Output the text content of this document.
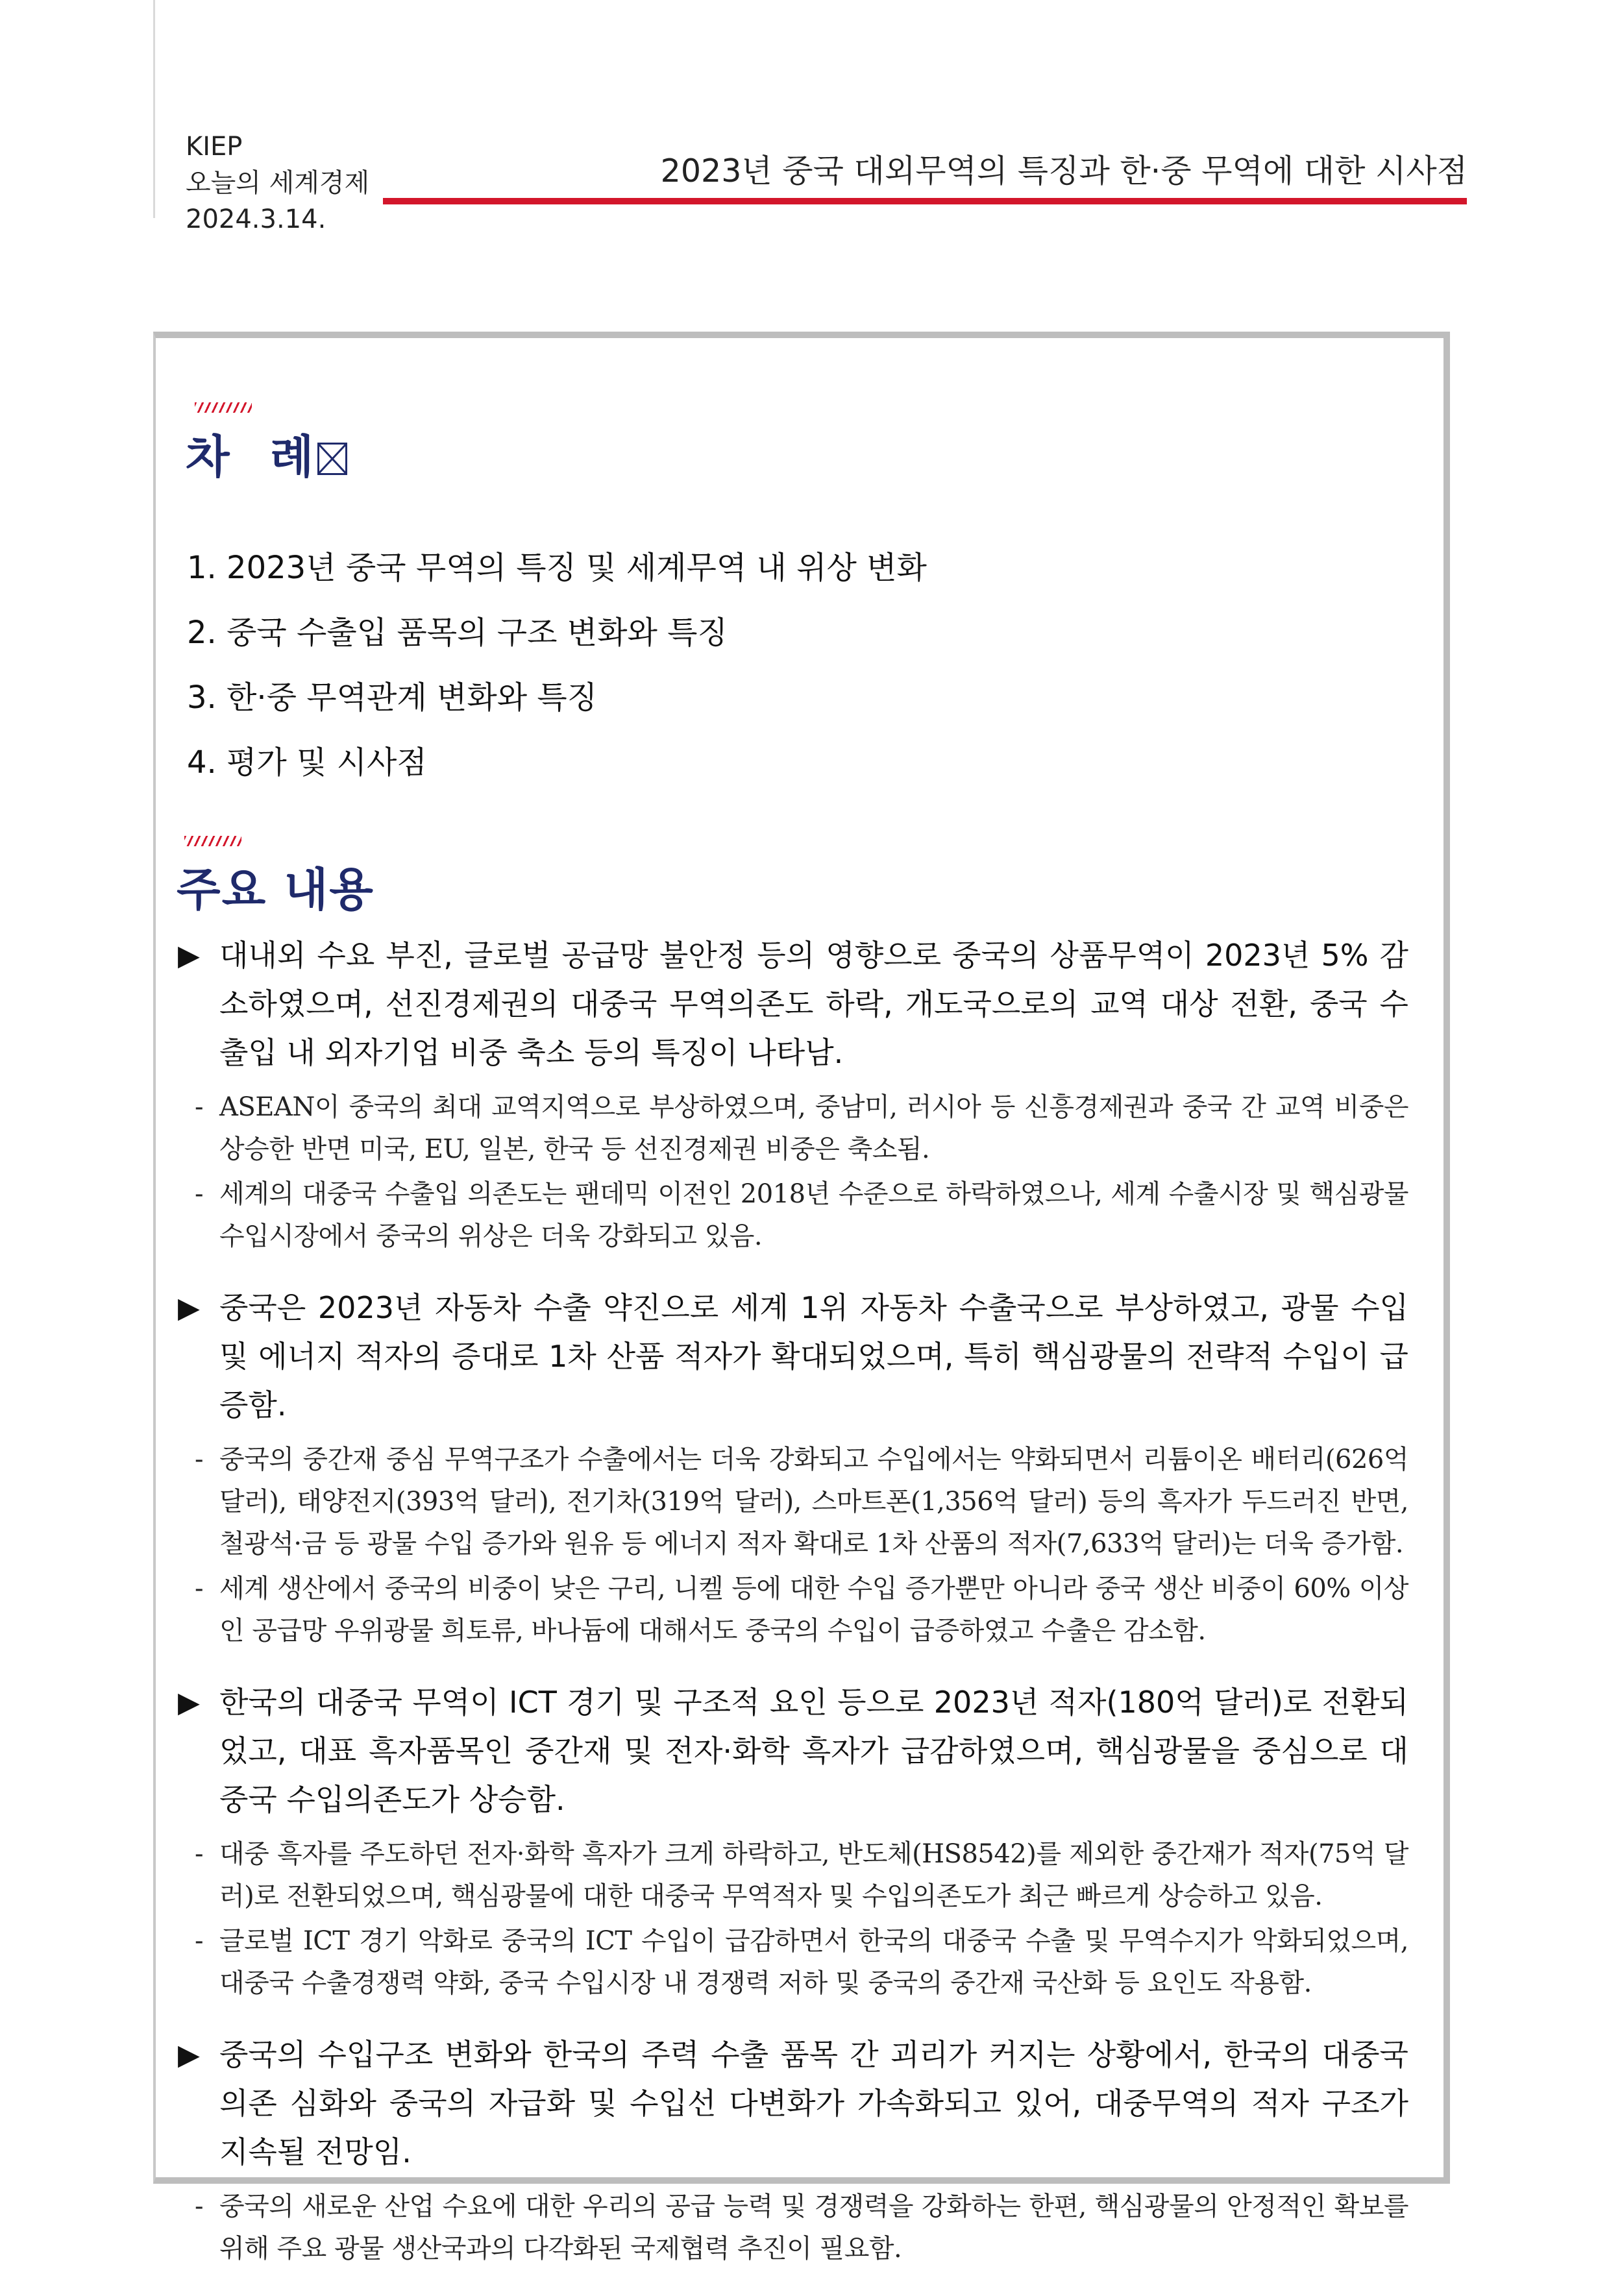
KIEP
오늘의 세계경제
2024.3.14.
2023년 중국 대외무역의 특징과 한·중 무역에 대한 시사점
차 례
1. 2023년 중국 무역의 특징 및 세계무역 내 위상 변화
2. 중국 수출입 품목의 구조 변화와 특징
3. 한·중 무역관계 변화와 특징
4. 평가 및 시사점
주요 내용
▶ 대내외 수요 부진, 글로벌 공급망 불안정 등의 영향으로 중국의 상품무역이 2023년 5% 감소하였으며, 선진경제권의 대중국 무역의존도 하락, 개도국으로의 교역 대상 전환, 중국 수출입 내 외자기업 비중 축소 등의 특징이 나타남.
- ASEAN이 중국의 최대 교역지역으로 부상하였으며, 중남미, 러시아 등 신흥경제권과 중국 간 교역 비중은 상승한 반면 미국, EU, 일본, 한국 등 선진경제권 비중은 축소됨.
- 세계의 대중국 수출입 의존도는 팬데믹 이전인 2018년 수준으로 하락하였으나, 세계 수출시장 및 핵심광물 수입시장에서 중국의 위상은 더욱 강화되고 있음.
▶ 중국은 2023년 자동차 수출 약진으로 세계 1위 자동차 수출국으로 부상하였고, 광물 수입 및 에너지 적자의 증대로 1차 산품 적자가 확대되었으며, 특히 핵심광물의 전략적 수입이 급증함.
- 중국의 중간재 중심 무역구조가 수출에서는 더욱 강화되고 수입에서는 약화되면서 리튬이온 배터리(626억 달러), 태양전지(393억 달러), 전기차(319억 달러), 스마트폰(1,356억 달러) 등의 흑자가 두드러진 반면, 철광석·금 등 광물 수입 증가와 원유 등 에너지 적자 확대로 1차 산품의 적자(7,633억 달러)는 더욱 증가함.
- 세계 생산에서 중국의 비중이 낮은 구리, 니켈 등에 대한 수입 증가뿐만 아니라 중국 생산 비중이 60% 이상인 공급망 우위광물 희토류, 바나듐에 대해서도 중국의 수입이 급증하였고 수출은 감소함.
▶ 한국의 대중국 무역이 ICT 경기 및 구조적 요인 등으로 2023년 적자(180억 달러)로 전환되었고, 대표 흑자품목인 중간재 및 전자·화학 흑자가 급감하였으며, 핵심광물을 중심으로 대중국 수입의존도가 상승함.
- 대중 흑자를 주도하던 전자·화학 흑자가 크게 하락하고, 반도체(HS8542)를 제외한 중간재가 적자(75억 달러)로 전환되었으며, 핵심광물에 대한 대중국 무역적자 및 수입의존도가 최근 빠르게 상승하고 있음.
- 글로벌 ICT 경기 악화로 중국의 ICT 수입이 급감하면서 한국의 대중국 수출 및 무역수지가 악화되었으며, 대중국 수출경쟁력 약화, 중국 수입시장 내 경쟁력 저하 및 중국의 중간재 국산화 등 요인도 작용함.
▶ 중국의 수입구조 변화와 한국의 주력 수출 품목 간 괴리가 커지는 상황에서, 한국의 대중국 의존 심화와 중국의 자급화 및 수입선 다변화가 가속화되고 있어, 대중무역의 적자 구조가 지속될 전망임.
- 중국의 새로운 산업 수요에 대한 우리의 공급 능력 및 경쟁력을 강화하는 한편, 핵심광물의 안정적인 확보를 위해 주요 광물 생산국과의 다각화된 국제협력 추진이 필요함.
